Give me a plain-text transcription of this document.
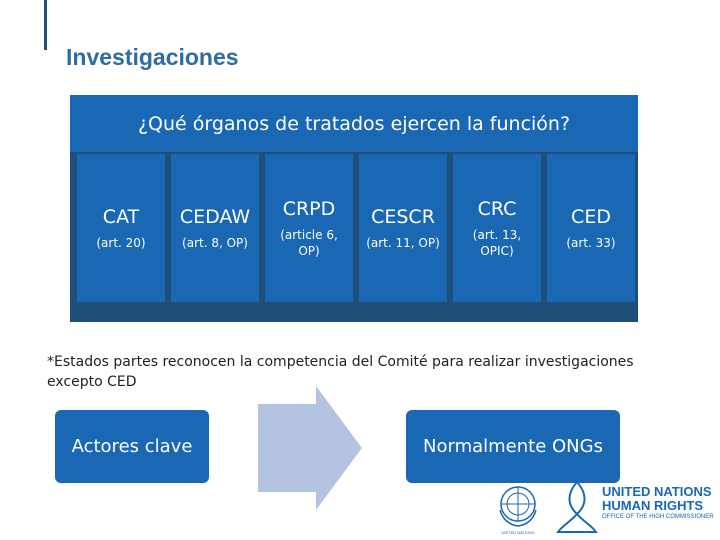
Investigaciones
¿Qué órganos de tratados ejercen la función?
CAT
(art. 20)
CEDAW
(art. 8, OP)
CRPD
(article 6, OP)
CESCR
(art. 11, OP)
CRC
(art. 13, OPIC)
CED
(art. 33)
*Estados partes reconocen la competencia del Comité para realizar investigaciones excepto CED
Actores clave	Normalmente ONGs
UNITED NATIONS
UNITED NATIONS
HUMAN RIGHTS
OFFICE OF THE HIGH COMMISSIONER
